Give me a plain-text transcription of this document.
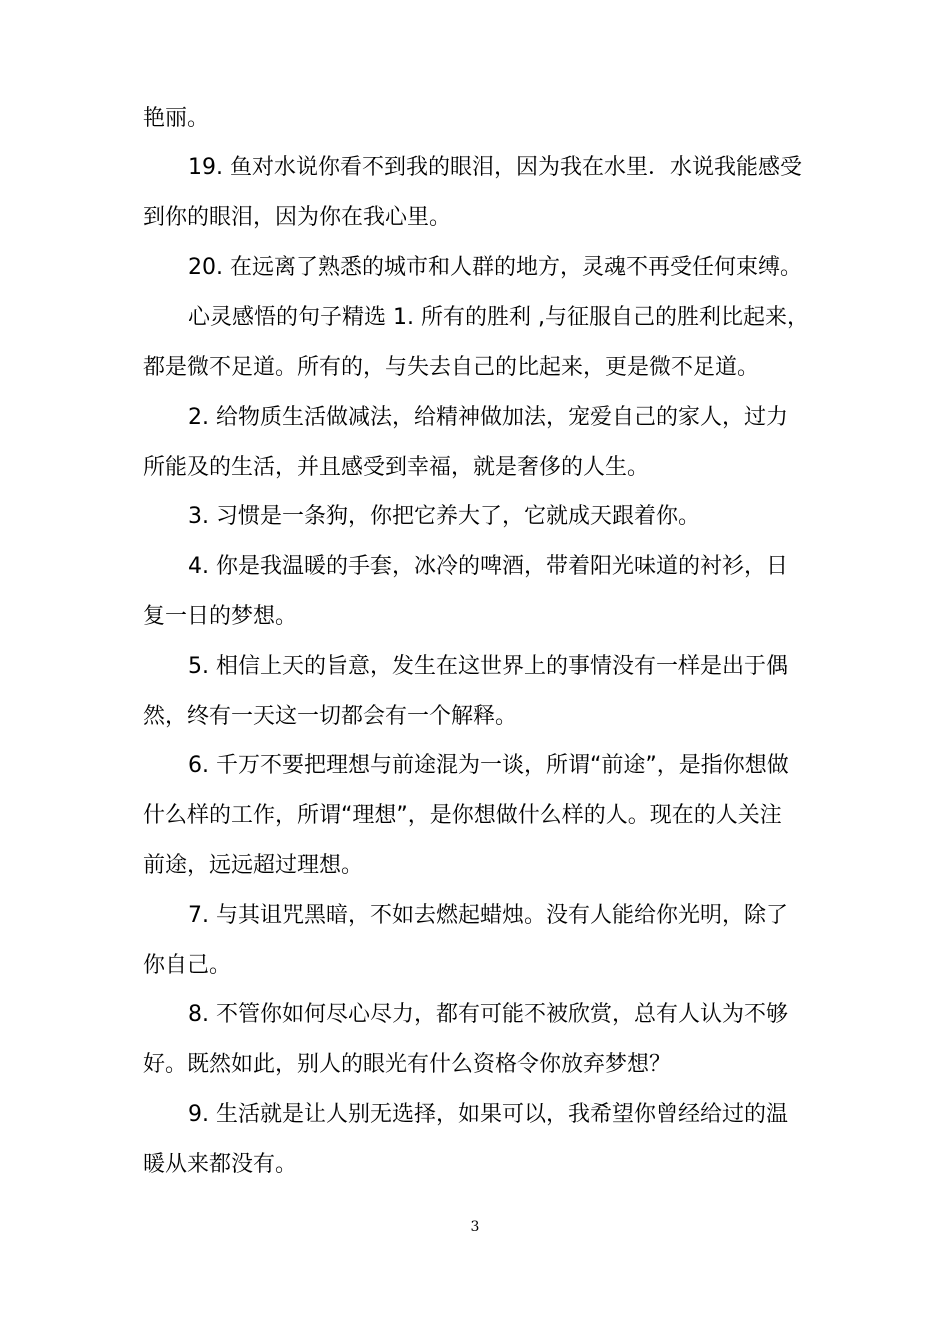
艳丽。
19. 鱼对水说你看不到我的眼泪，因为我在水里．水说我能感受
到你的眼泪，因为你在我心里。
20. 在远离了熟悉的城市和人群的地方，灵魂不再受任何束缚。
心灵感悟的句子精选 1. 所有的胜利 ,与征服自己的胜利比起来，
都是微不足道。所有的，与失去自己的比起来，更是微不足道。
2. 给物质生活做减法，给精神做加法，宠爱自己的家人，过力
所能及的生活，并且感受到幸福，就是奢侈的人生。
3. 习惯是一条狗，你把它养大了，它就成天跟着你。
4. 你是我温暖的手套，冰冷的啤酒，带着阳光味道的衬衫，日
复一日的梦想。
5. 相信上天的旨意，发生在这世界上的事情没有一样是出于偶
然，终有一天这一切都会有一个解释。
6. 千万不要把理想与前途混为一谈，所谓“前途”，是指你想做
什么样的工作，所谓“理想”，是你想做什么样的人。现在的人关注
前途，远远超过理想。
7. 与其诅咒黑暗，不如去燃起蜡烛。没有人能给你光明，除了
你自己。
8. 不管你如何尽心尽力，都有可能不被欣赏，总有人认为不够
好。既然如此，别人的眼光有什么资格令你放弃梦想？
9. 生活就是让人别无选择，如果可以，我希望你曾经给过的温
暖从来都没有。
3
